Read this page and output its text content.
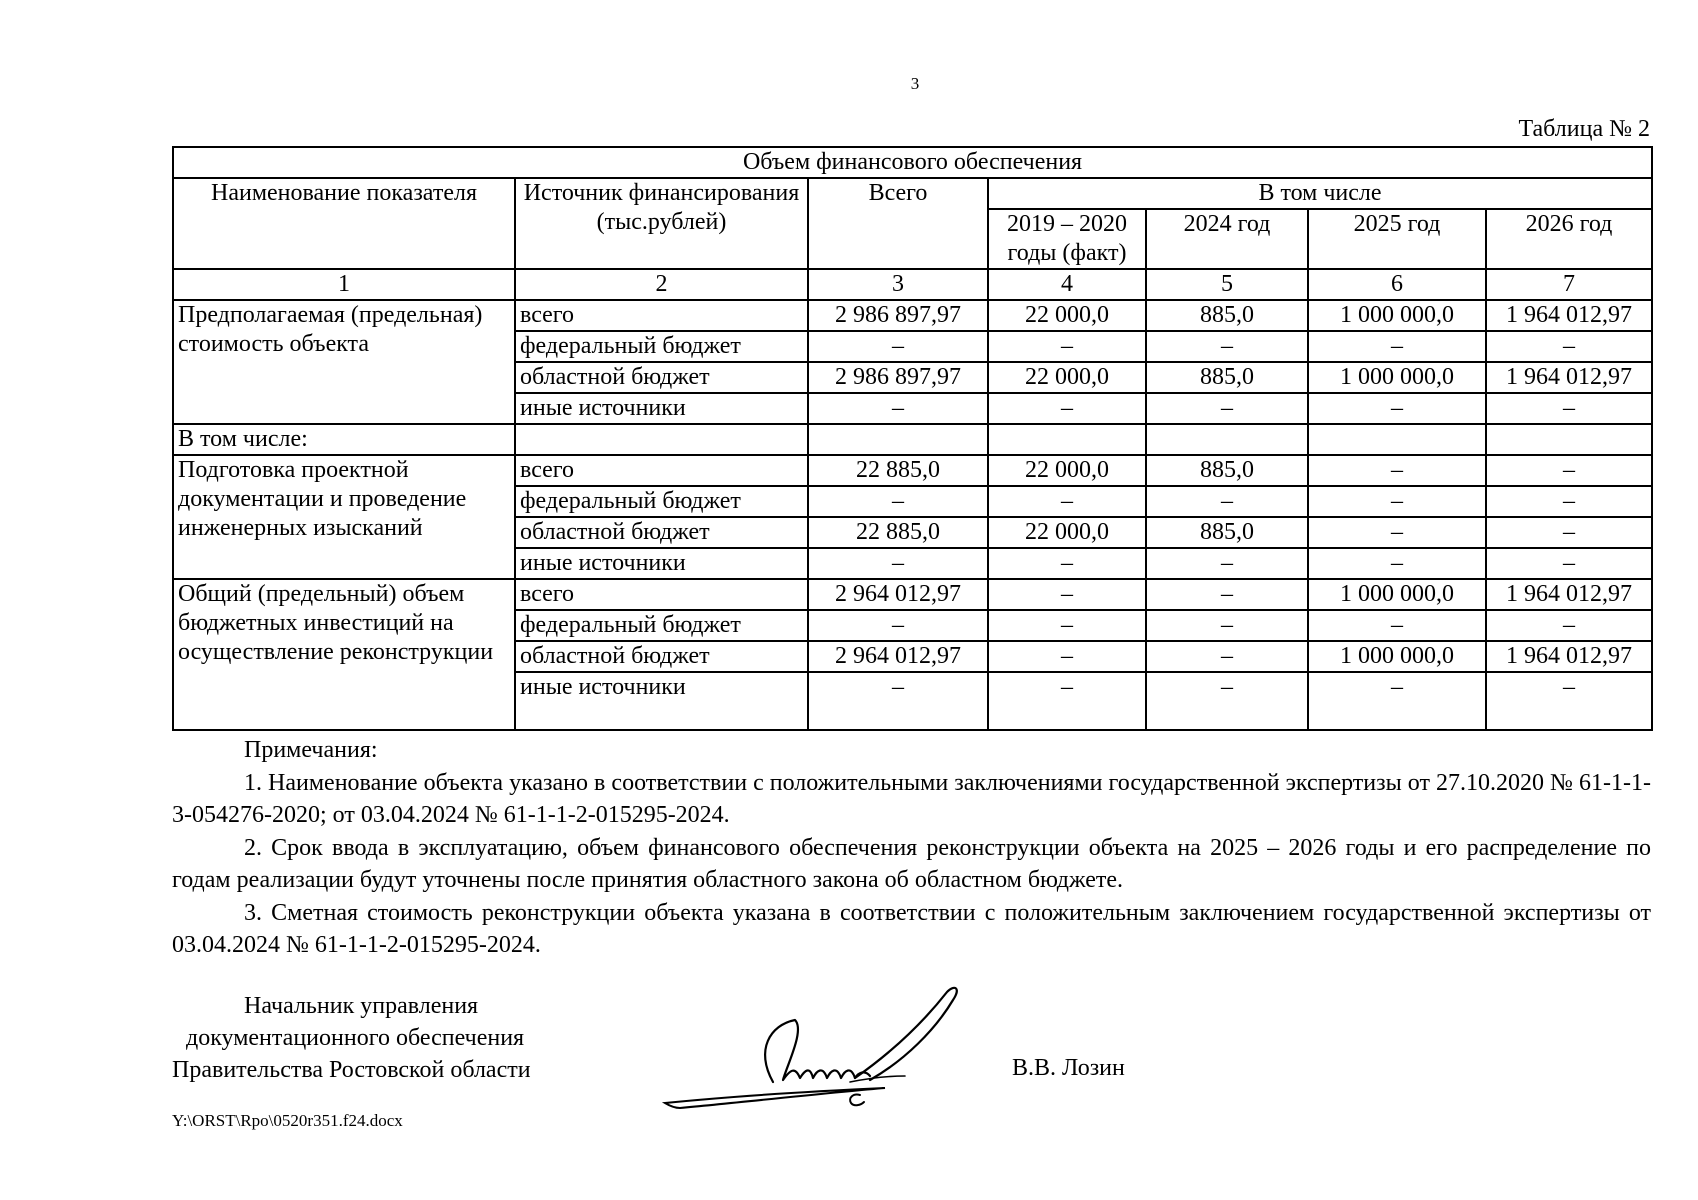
3
Таблица № 2
Объем финансового обеспечения						
Наименование показателя	Источник финансирования (тыс.рублей)	Всего	В том числе			
			2019 – 2020 годы (факт)	2024 год	2025 год	2026 год
1	2	3	4	5	6	7
Предполагаемая (предельная) стоимость объекта	всего	2 986 897,97	22 000,0	885,0	1 000 000,0	1 964 012,97
	федеральный бюджет	–	–	–	–	–
	областной бюджет	2 986 897,97	22 000,0	885,0	1 000 000,0	1 964 012,97
	иные источники	–	–	–	–	–
В том числе:						
Подготовка проектной документации и проведение инженерных изысканий	всего	22 885,0	22 000,0	885,0	–	–
	федеральный бюджет	–	–	–	–	–
	областной бюджет	22 885,0	22 000,0	885,0	–	–
	иные источники	–	–	–	–	–
Общий (предельный) объем бюджетных инвестиций на осуществление реконструкции	всего	2 964 012,97	–	–	1 000 000,0	1 964 012,97
	федеральный бюджет	–	–	–	–	–
	областной бюджет	2 964 012,97	–	–	1 000 000,0	1 964 012,97
	иные источники	–	–	–	–	–

Примечания:

1. Наименование объекта указано в соответствии с положительными заключениями государственной экспертизы от 27.10.2020 № 61-1-1-3-054276-2020; от 03.04.2024 № 61-1-1-2-015295-2024.

2. Срок ввода в эксплуатацию, объем финансового обеспечения реконструкции объекта на 2025 – 2026 годы и его распределение по годам реализации будут уточнены после принятия областного закона об областном бюджете.

3. Сметная стоимость реконструкции объекта указана в соответствии с положительным заключением государственной экспертизы от 03.04.2024 № 61-1-1-2-015295-2024.

Начальник управления
документационного обеспечения
Правительства Ростовской области	В.В. Лозин
Y:\ORST\Rpo\0520r351.f24.docx
